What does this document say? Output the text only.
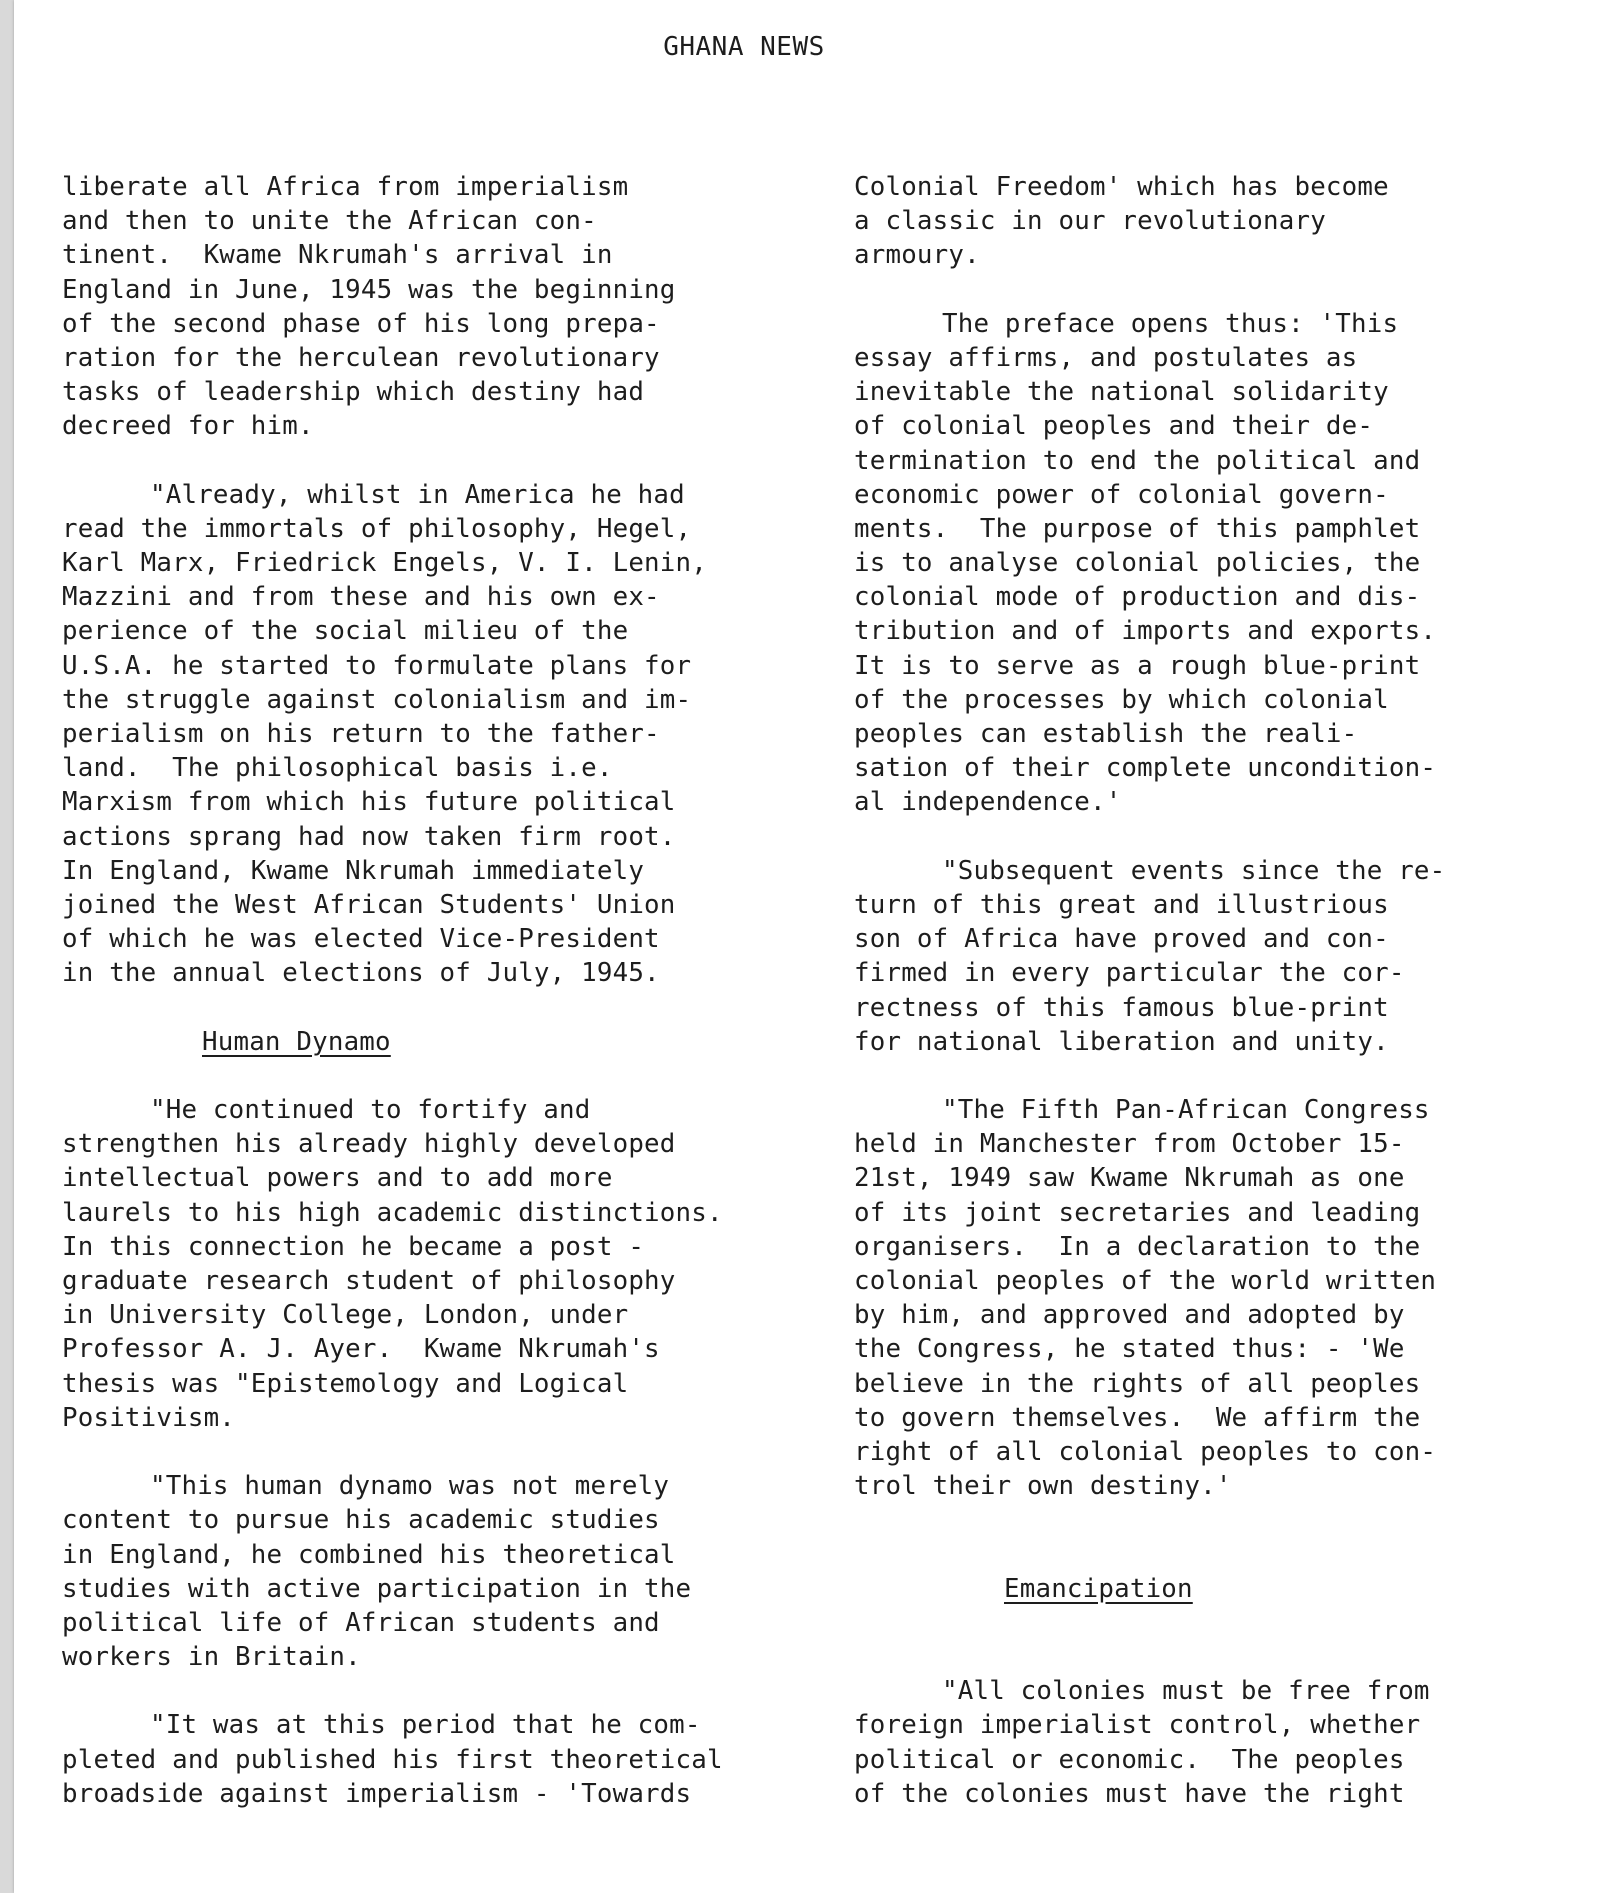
GHANA NEWS
liberate all Africa from imperialism
and then to unite the African con-
tinent.  Kwame Nkrumah's arrival in
England in June, 1945 was the beginning
of the second phase of his long prepa-
ration for the herculean revolutionary
tasks of leadership which destiny had
decreed for him.
"Already, whilst in America he had
read the immortals of philosophy, Hegel,
Karl Marx, Friedrick Engels, V. I. Lenin,
Mazzini and from these and his own ex-
perience of the social milieu of the
U.S.A. he started to formulate plans for
the struggle against colonialism and im-
perialism on his return to the father-
land.  The philosophical basis i.e.
Marxism from which his future political
actions sprang had now taken firm root.
In England, Kwame Nkrumah immediately
joined the West African Students' Union
of which he was elected Vice-President
in the annual elections of July, 1945.
Human Dynamo
"He continued to fortify and
strengthen his already highly developed
intellectual powers and to add more
laurels to his high academic distinctions.
In this connection he became a post -
graduate research student of philosophy
in University College, London, under
Professor A. J. Ayer.  Kwame Nkrumah's
thesis was "Epistemology and Logical
Positivism.
"This human dynamo was not merely
content to pursue his academic studies
in England, he combined his theoretical
studies with active participation in the
political life of African students and
workers in Britain.
"It was at this period that he com-
pleted and published his first theoretical
broadside against imperialism - 'Towards
Colonial Freedom' which has become
a classic in our revolutionary
armoury.
The preface opens thus: 'This
essay affirms, and postulates as
inevitable the national solidarity
of colonial peoples and their de-
termination to end the political and
economic power of colonial govern-
ments.  The purpose of this pamphlet
is to analyse colonial policies, the
colonial mode of production and dis-
tribution and of imports and exports.
It is to serve as a rough blue-print
of the processes by which colonial
peoples can establish the reali-
sation of their complete uncondition-
al independence.'
"Subsequent events since the re-
turn of this great and illustrious
son of Africa have proved and con-
firmed in every particular the cor-
rectness of this famous blue-print
for national liberation and unity.
"The Fifth Pan-African Congress
held in Manchester from October 15-
21st, 1949 saw Kwame Nkrumah as one
of its joint secretaries and leading
organisers.  In a declaration to the
colonial peoples of the world written
by him, and approved and adopted by
the Congress, he stated thus: - 'We
believe in the rights of all peoples
to govern themselves.  We affirm the
right of all colonial peoples to con-
trol their own destiny.'
Emancipation
"All colonies must be free from
foreign imperialist control, whether
political or economic.  The peoples
of the colonies must have the right
